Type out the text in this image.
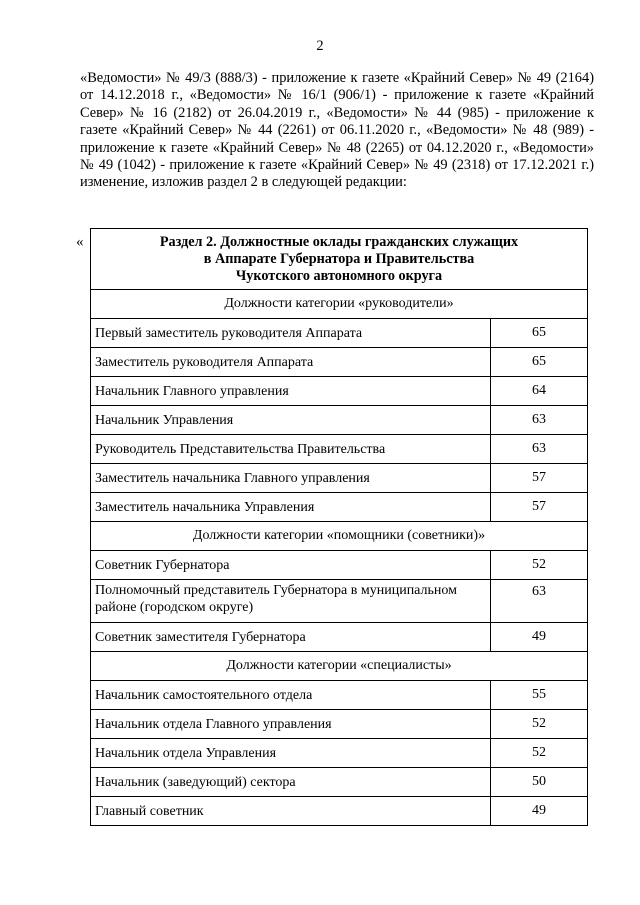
2

«Ведомости» № 49/3 (888/3) - приложение к газете «Крайний Север» № 49 (2164) от 14.12.2018 г., «Ведомости» № 16/1 (906/1) - приложение к газете «Крайний Север» № 16 (2182) от 26.04.2019 г., «Ведомости» № 44 (985) - приложение к газете «Крайний Север» № 44 (2261) от 06.11.2020 г., «Ведомости» № 48 (989) - приложение к газете «Крайний Север» № 48 (2265) от 04.12.2020 г., «Ведомости» № 49 (1042) - приложение к газете «Крайний Север» № 49 (2318) от 17.12.2021 г.) изменение, изложив раздел 2 в следующей редакции:

«	Раздел 2. Должностные оклады гражданских служащих
в Аппарате Губернатора и Правительства
Чукотского автономного округа	

Должности категории «руководители»	
Первый заместитель руководителя Аппарата	65
Заместитель руководителя Аппарата	65
Начальник Главного управления	64
Начальник Управления	63
Руководитель Представительства Правительства	63
Заместитель начальника Главного управления	57
Заместитель начальника Управления	57
Должности категории «помощники (советники)»	
Советник Губернатора	52
Полномочный представитель Губернатора в муниципальном районе (городском округе)	63
Советник заместителя Губернатора	49
Должности категории «специалисты»	
Начальник самостоятельного отдела	55
Начальник отдела Главного управления	52
Начальник отдела Управления	52
Начальник (заведующий) сектора	50
Главный советник	49
